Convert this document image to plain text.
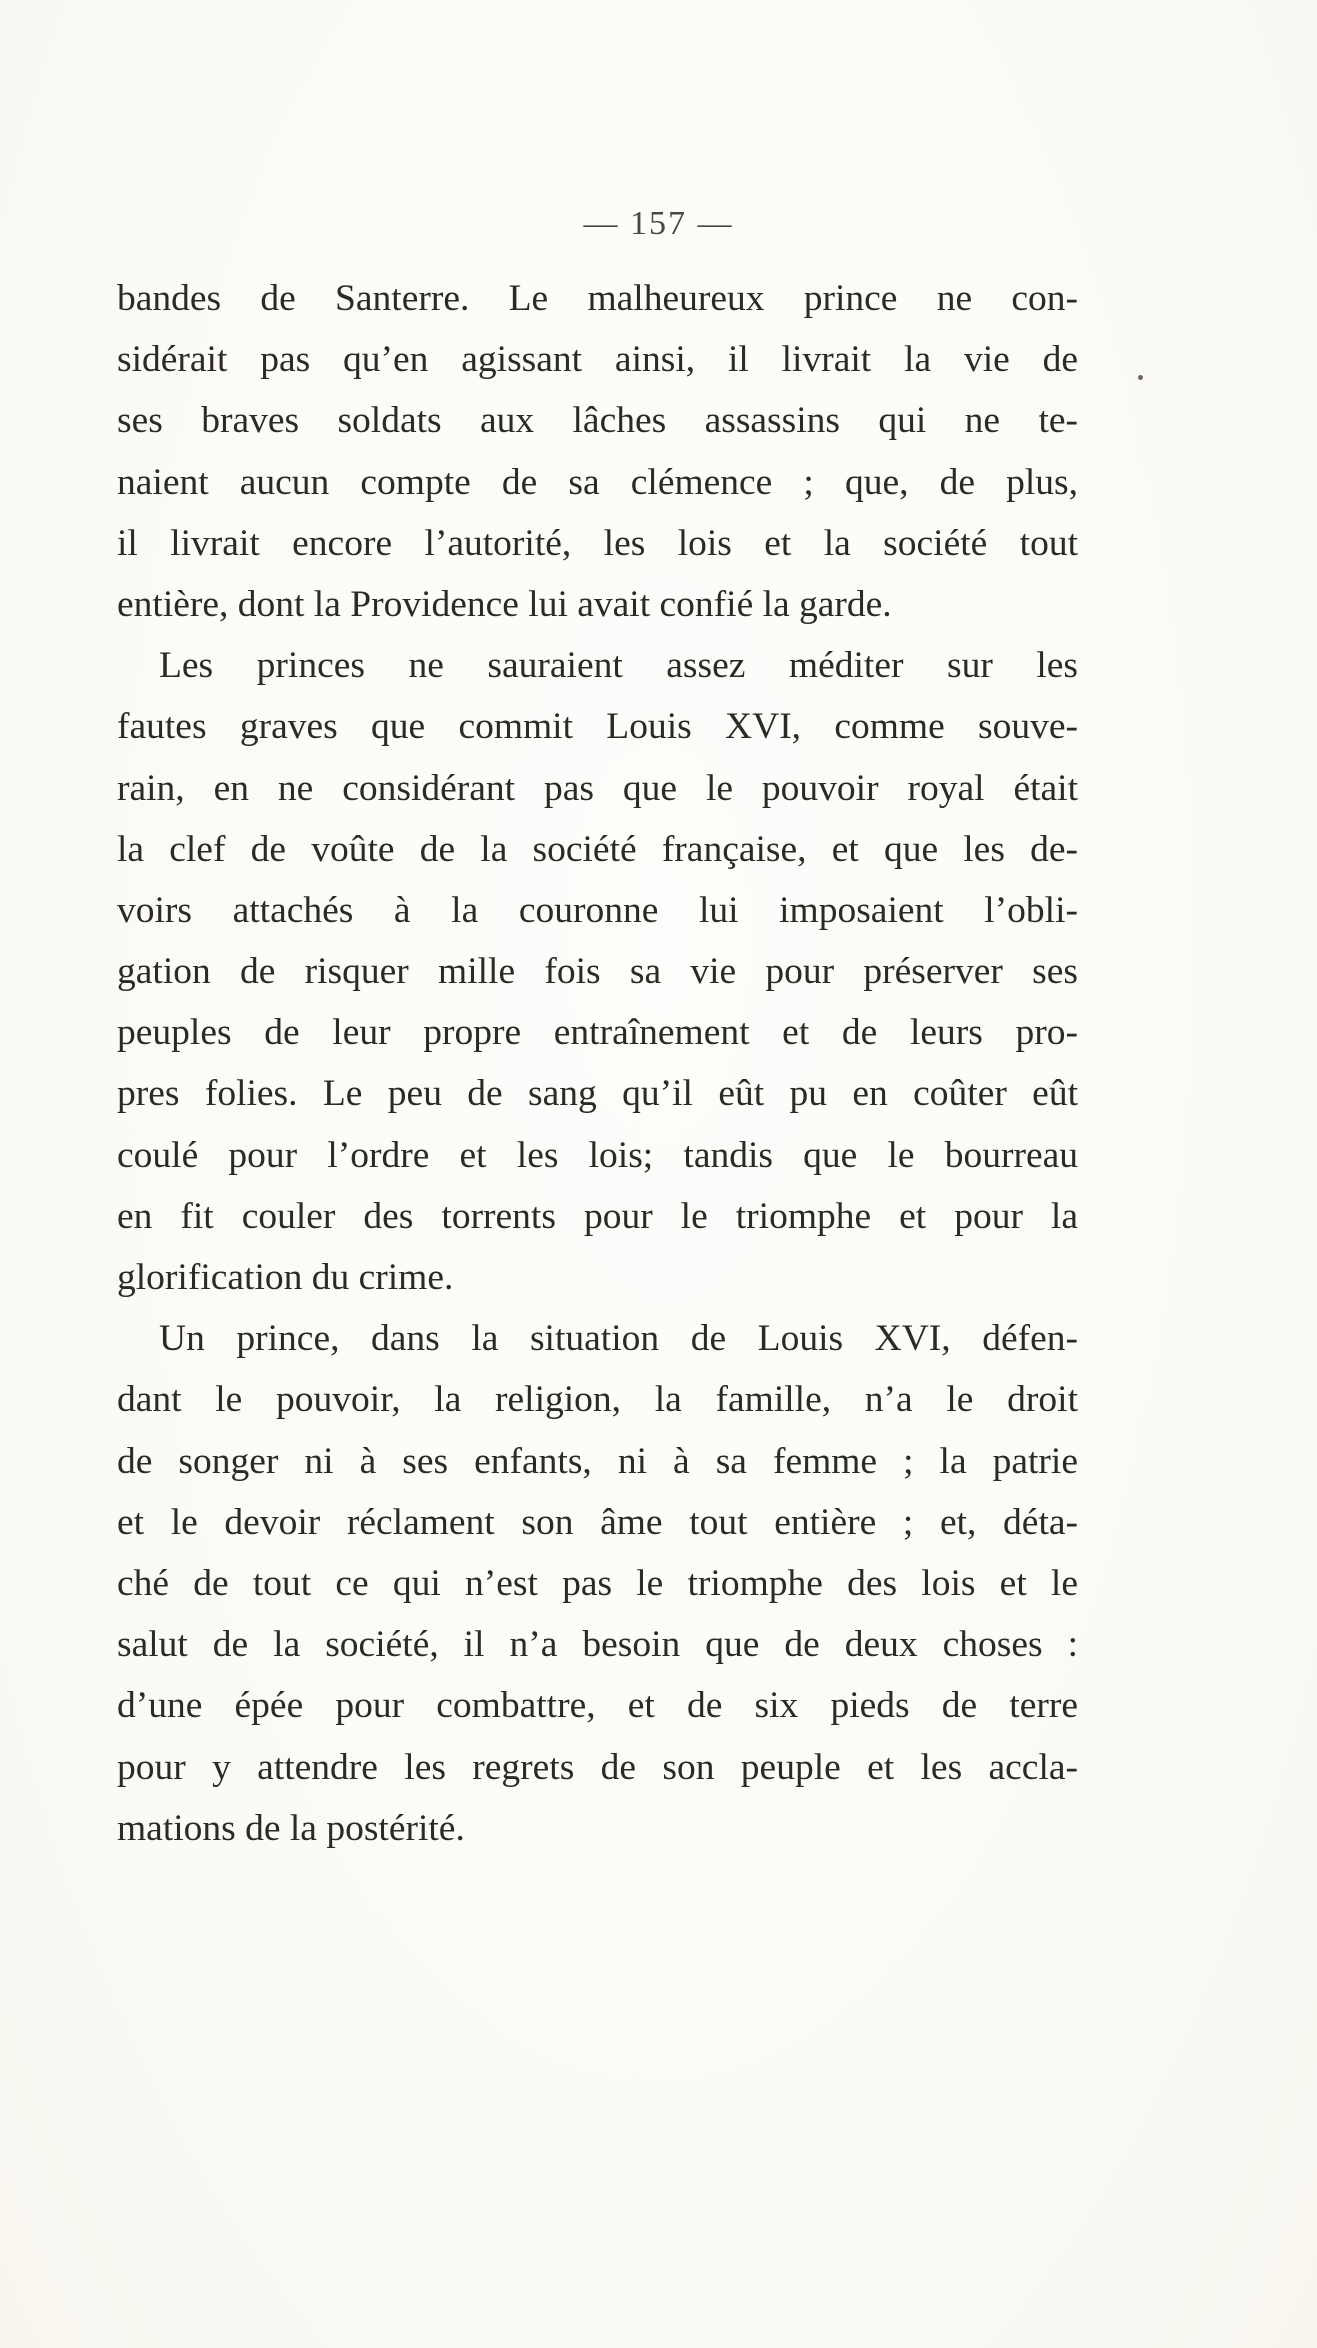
— 157 —
bandes de Santerre. Le malheureux prince ne con-
sidérait pas qu’en agissant ainsi, il livrait la vie de
ses braves soldats aux lâches assassins qui ne te-
naient aucun compte de sa clémence ; que, de plus,
il livrait encore l’autorité, les lois et la société tout
entière, dont la Providence lui avait confié la garde.
Les princes ne sauraient assez méditer sur les
fautes graves que commit Louis XVI, comme souve-
rain, en ne considérant pas que le pouvoir royal était
la clef de voûte de la société française, et que les de-
voirs attachés à la couronne lui imposaient l’obli-
gation de risquer mille fois sa vie pour préserver ses
peuples de leur propre entraînement et de leurs pro-
pres folies. Le peu de sang qu’il eût pu en coûter eût
coulé pour l’ordre et les lois; tandis que le bourreau
en fit couler des torrents pour le triomphe et pour la
glorification du crime.
Un prince, dans la situation de Louis XVI, défen-
dant le pouvoir, la religion, la famille, n’a le droit
de songer ni à ses enfants, ni à sa femme ; la patrie
et le devoir réclament son âme tout entière ; et, déta-
ché de tout ce qui n’est pas le triomphe des lois et le
salut de la société, il n’a besoin que de deux choses :
d’une épée pour combattre, et de six pieds de terre
pour y attendre les regrets de son peuple et les accla-
mations de la postérité.
